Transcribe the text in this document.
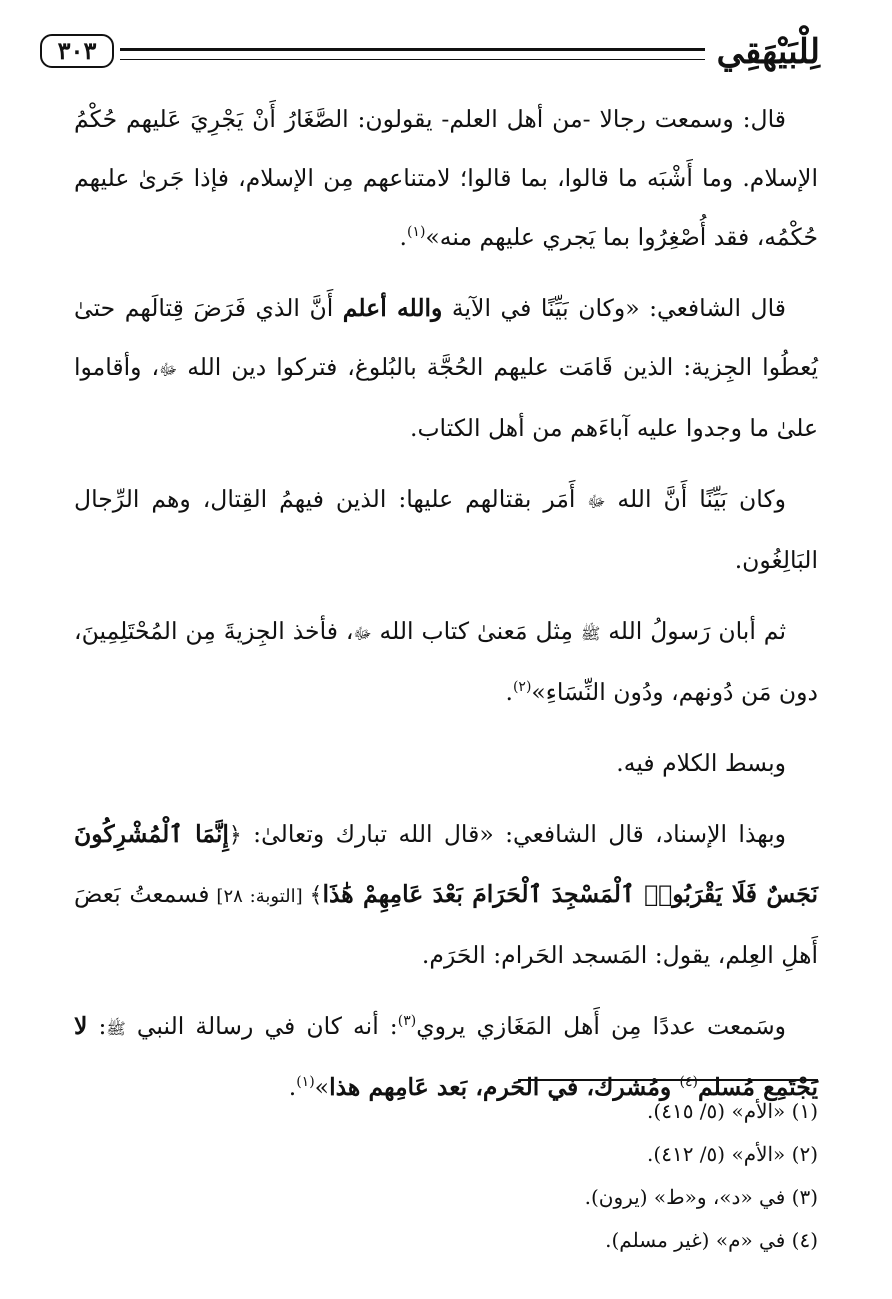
لِلْبَيْهَقِي
٣٠٣

قال: وسمعت رجالا -من أهل العلم- يقولون: الصَّغَارُ أَنْ يَجْرِيَ عَليهم حُكْمُ الإسلام. وما أَشْبَه ما قالوا، بما قالوا؛ لامتناعهم مِن الإسلام، فإذا جَرىٰ عليهم حُكْمُه، فقد أُصْغِرُوا بما يَجري عليهم منه»$^{(١)}$.

قال الشافعي: «وكان بَيِّنًا في الآية والله أعلم أَنَّ الذي فَرَضَ قِتالَهم حتىٰ يُعطُوا الجِزية: الذين قَامَت عليهم الحُجَّة بالبُلوغ، فتركوا دين الله ﷻ، وأقاموا علىٰ ما وجدوا عليه آباءَهم من أهل الكتاب.

وكان بَيِّنًا أَنَّ الله ﷻ أَمَر بقتالهم عليها: الذين فيهمُ القِتال، وهم الرِّجال البَالِغُون.

ثم أبان رَسولُ الله ﷺ مِثل مَعنىٰ كتاب الله ﷻ، فأخذ الجِزيةَ مِن المُحْتَلِمِينَ، دون مَن دُونهم، ودُون النِّسَاءِ»$^{(٢)}$.

وبسط الكلام فيه.

وبهذا الإسناد، قال الشافعي: «قال الله تبارك وتعالىٰ: ﴿إِنَّمَا ٱلْمُشْرِكُونَ نَجَسٌ فَلَا يَقْرَبُوا۟ ٱلْمَسْجِدَ ٱلْحَرَامَ بَعْدَ عَامِهِمْ هَٰذَا﴾ [التوبة: ٢٨] فسمعتُ بَعضَ أَهلِ العِلم، يقول: المَسجد الحَرام: الحَرَم.

وسَمعت عددًا مِن أَهل المَغَازي يروي$^{(٣)}$: أنه كان في رسالة النبي ﷺ: لا يَجْتَمِع مُسلم$^{(٤)}$ ومُشرك، في الحَرم، بَعد عَامِهم هذا»$^{(١)}$.

(١) «الأم» (٥/ ٤١٥).
(٢) «الأم» (٥/ ٤١٢).
(٣) في «د»، و«ط» (يرون).
(٤) في «م» (غير مسلم).
